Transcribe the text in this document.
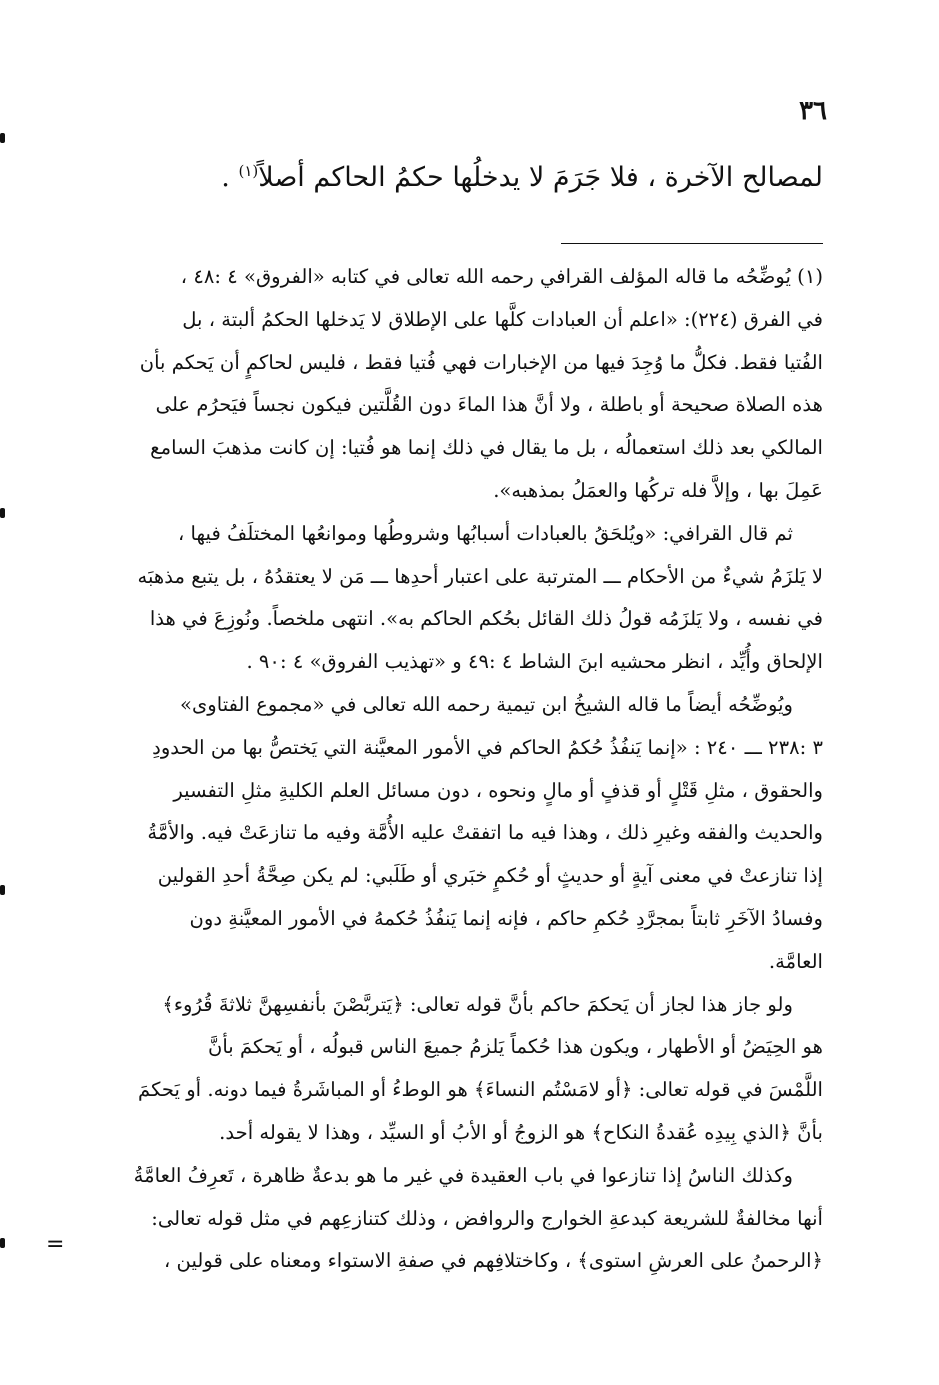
٣٦
لمصالح الآخرة ، فلا جَرَمَ لا يدخلُها حكمُ الحاكم أصلاً$^{(١)}$ .
(١) يُوضِّحُه ما قاله المؤلف القرافي رحمه الله تعالى في كتابه «الفروق» ٤ :٤٨ ،
في الفرق (٢٢٤): «اعلم أن العبادات كلَّها على الإطلاق لا يَدخلها الحكمُ ألبتة ، بل
الفُتيا فقط. فكلُّ ما وُجِدَ فيها من الإخبارات فهي فُتيا فقط ، فليس لحاكمٍ أن يَحكم بأن
هذه الصلاة صحيحة أو باطلة ، ولا أنَّ هذا الماءَ دون القُلَّتين فيكون نجساً فيَحرُم على
المالكي بعد ذلك استعمالُه ، بل ما يقال في ذلك إنما هو فُتيا: إن كانت مذهبَ السامع
عَمِلَ بها ، وإلاَّ فله تركُها والعمَلُ بمذهبه».
ثم قال القرافي: «ويُلحَقُ بالعبادات أسبابُها وشروطُها وموانعُها المختلَفُ فيها ،
لا يَلزَمُ شيءٌ من الأحكام ـــ المترتبة على اعتبار أحدِها ـــ مَن لا يعتقدُهُ ، بل يتبع مذهبَه
في نفسه ، ولا يَلزَمُه قولُ ذلك القائل بحُكم الحاكم به». انتهى ملخصاً. ونُوزِعَ في هذا
الإلحاق وأُيِّد ، انظر محشيه ابنَ الشاط ٤ :٤٩ و «تهذيب الفروق» ٤ :٩٠ .
ويُوضِّحُه أيضاً ما قاله الشيخُ ابن تيمية رحمه الله تعالى في «مجموع الفتاوى»
٣ :٢٣٨ ـــ ٢٤٠ : «إنما يَنفُذُ حُكمُ الحاكم في الأمور المعيَّنة التي يَختصُّ بها من الحدودِ
والحقوق ، مثلِ قَتْلٍ أو قذفٍ أو مالٍ ونحوه ، دون مسائل العلم الكليةِ مثلِ التفسير
والحديث والفقه وغيرِ ذلك ، وهذا فيه ما اتفقتْ عليه الأُمَّة وفيه ما تنازعَتْ فيه. والأمَّةُ
إذا تنازعتْ في معنى آيةٍ أو حديثٍ أو حُكمٍ خبَري أو طَلَبي: لم يكن صِحَّةُ أحدِ القولين
وفسادُ الآخَرِ ثابتاً بمجرَّدِ حُكمِ حاكم ، فإنه إنما يَنفُذُ حُكمهُ في الأمور المعيَّنةِ دون
العامَّة.
ولو جاز هذا لجاز أن يَحكمَ حاكم بأنَّ قوله تعالى: ﴿يَتربَّصْنَ بأنفسِهنَّ ثلاثةَ قُرُوء﴾
هو الحِيَضُ أو الأطهار ، ويكون هذا حُكماً يَلزمُ جميعَ الناس قبولُه ، أو يَحكمَ بأنَّ
اللَّمْسَ في قوله تعالى: ﴿أو لامَسْتُم النساءَ﴾ هو الوطءُ أو المباشَرةُ فيما دونه. أو يَحكمَ
بأنَّ ﴿الذي بِيدِه عُقدةُ النكاح﴾ هو الزوجُ أو الأبُ أو السيِّد ، وهذا لا يقوله أحد.
وكذلك الناسُ إذا تنازعوا في باب العقيدة في غير ما هو بدعةٌ ظاهرة ، تَعرِفُ العامَّةُ
أنها مخالفةٌ للشريعة كبدعةِ الخوارج والروافض ، وذلك كتنازعِهم في مثل قوله تعالى:
﴿الرحمنُ على العرشِ استوى﴾ ، وكاختلافِهم في صفةِ الاستواء ومعناه على قولين ،
=
